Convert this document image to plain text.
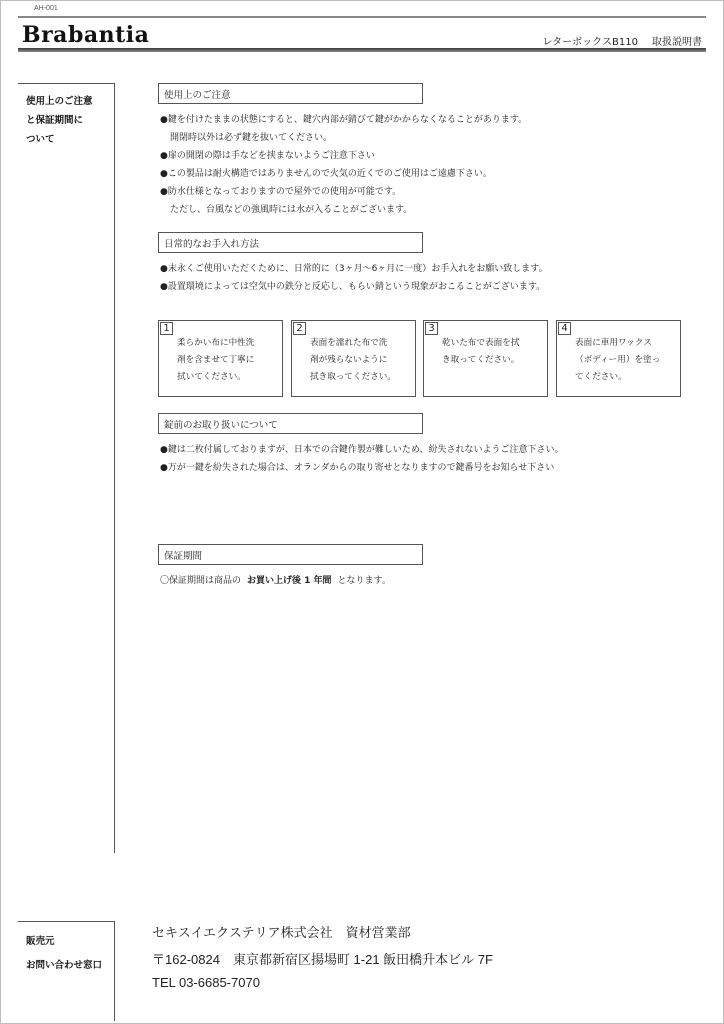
AH-001
Brabantia	レターボックスB110 取扱説明書
使用上のご注意
と保証期間に
ついて
使用上のご注意
●鍵を付けたままの状態にすると、鍵穴内部が錆びて鍵がかからなくなることがあります。
開閉時以外は必ず鍵を抜いてください。
●扉の開閉の際は手などを挟まないようご注意下さい
●この製品は耐火構造ではありませんので火気の近くでのご使用はご遠慮下さい。
●防水仕様となっておりますので屋外での使用が可能です。
ただし、台風などの強風時には水が入ることがございます。
日常的なお手入れ方法
●末永くご使用いただくために、日常的に（3ヶ月〜6ヶ月に一度）お手入れをお願い致します。
●設置環境によっては空気中の鉄分と反応し、もらい錆という現象がおこることがございます。
1
柔らかい布に中性洗
剤を含ませて丁寧に
拭いてください。
2
表面を濡れた布で洗
剤が残らないように
拭き取ってください。
3
乾いた布で表面を拭
き取ってください。
4
表面に車用ワックス
（ボディー用）を塗っ
てください。
錠前のお取り扱いについて
●鍵は二枚付属しておりますが、日本での合鍵作製が難しいため、紛失されないようご注意下さい。
●万が一鍵を紛失された場合は、オランダからの取り寄せとなりますので鍵番号をお知らせ下さい
保証期間
〇保証期間は商品の お買い上げ後 1 年間 となります。
販売元
お問い合わせ窓口
セキスイエクステリア株式会社　資材営業部
〒162-0824　東京都新宿区揚場町 1-21 飯田橋升本ビル 7F
TEL 03-6685-7070
